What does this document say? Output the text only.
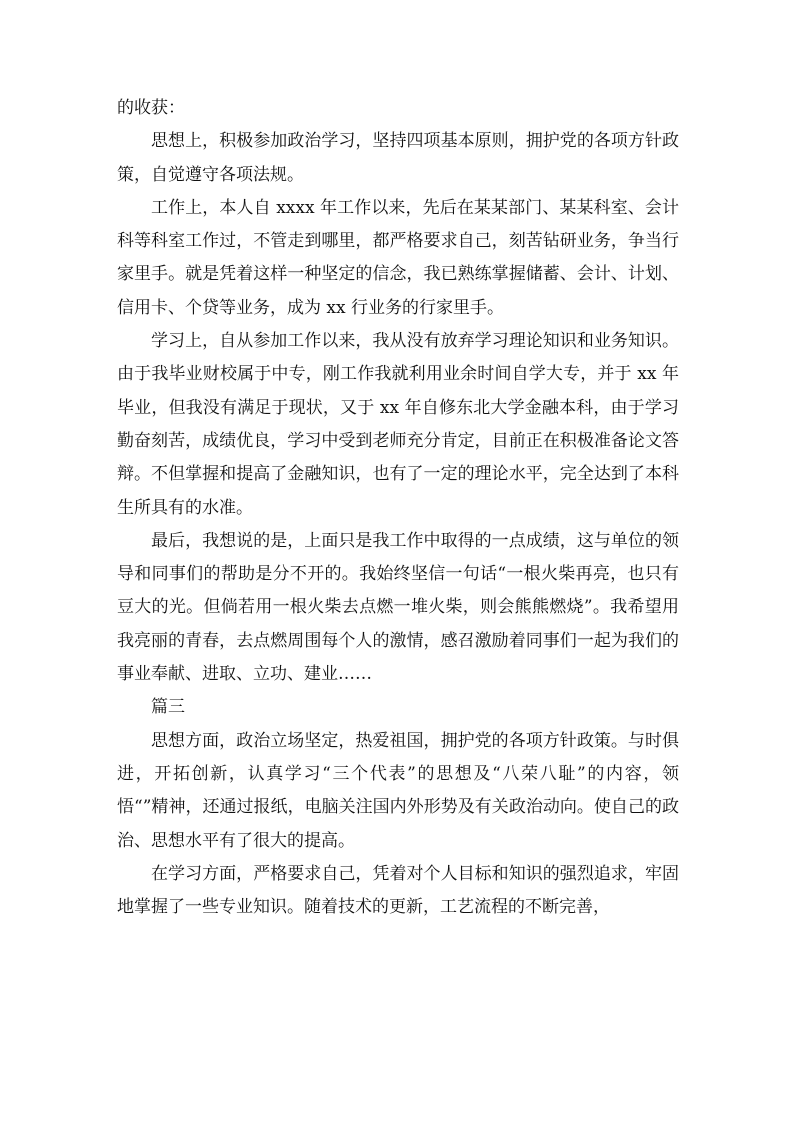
的收获：

思想上，积极参加政治学习，坚持四项基本原则，拥护党的各项方针政策，自觉遵守各项法规。

工作上，本人自 xxxx 年工作以来，先后在某某部门、某某科室、会计科等科室工作过，不管走到哪里，都严格要求自己，刻苦钻研业务，争当行家里手。就是凭着这样一种坚定的信念，我已熟练掌握储蓄、会计、计划、信用卡、个贷等业务，成为 xx 行业务的行家里手。

学习上，自从参加工作以来，我从没有放弃学习理论知识和业务知识。由于我毕业财校属于中专，刚工作我就利用业余时间自学大专，并于 xx 年毕业，但我没有满足于现状，又于 xx 年自修东北大学金融本科，由于学习勤奋刻苦，成绩优良，学习中受到老师充分肯定，目前正在积极准备论文答辩。不但掌握和提高了金融知识，也有了一定的理论水平，完全达到了本科生所具有的水准。

最后，我想说的是，上面只是我工作中取得的一点成绩，这与单位的领导和同事们的帮助是分不开的。我始终坚信一句话“一根火柴再亮，也只有豆大的光。但倘若用一根火柴去点燃一堆火柴，则会熊熊燃烧”。我希望用我亮丽的青春，去点燃周围每个人的激情，感召激励着同事们一起为我们的事业奉献、进取、立功、建业……

篇三

思想方面，政治立场坚定，热爱祖国，拥护党的各项方针政策。与时俱进，开拓创新，认真学习“三个代表”的思想及“八荣八耻”的内容，领悟“”精神，还通过报纸，电脑关注国内外形势及有关政治动向。使自己的政治、思想水平有了很大的提高。

在学习方面，严格要求自己，凭着对个人目标和知识的强烈追求，牢固地掌握了一些专业知识。随着技术的更新，工艺流程的不断完善，
